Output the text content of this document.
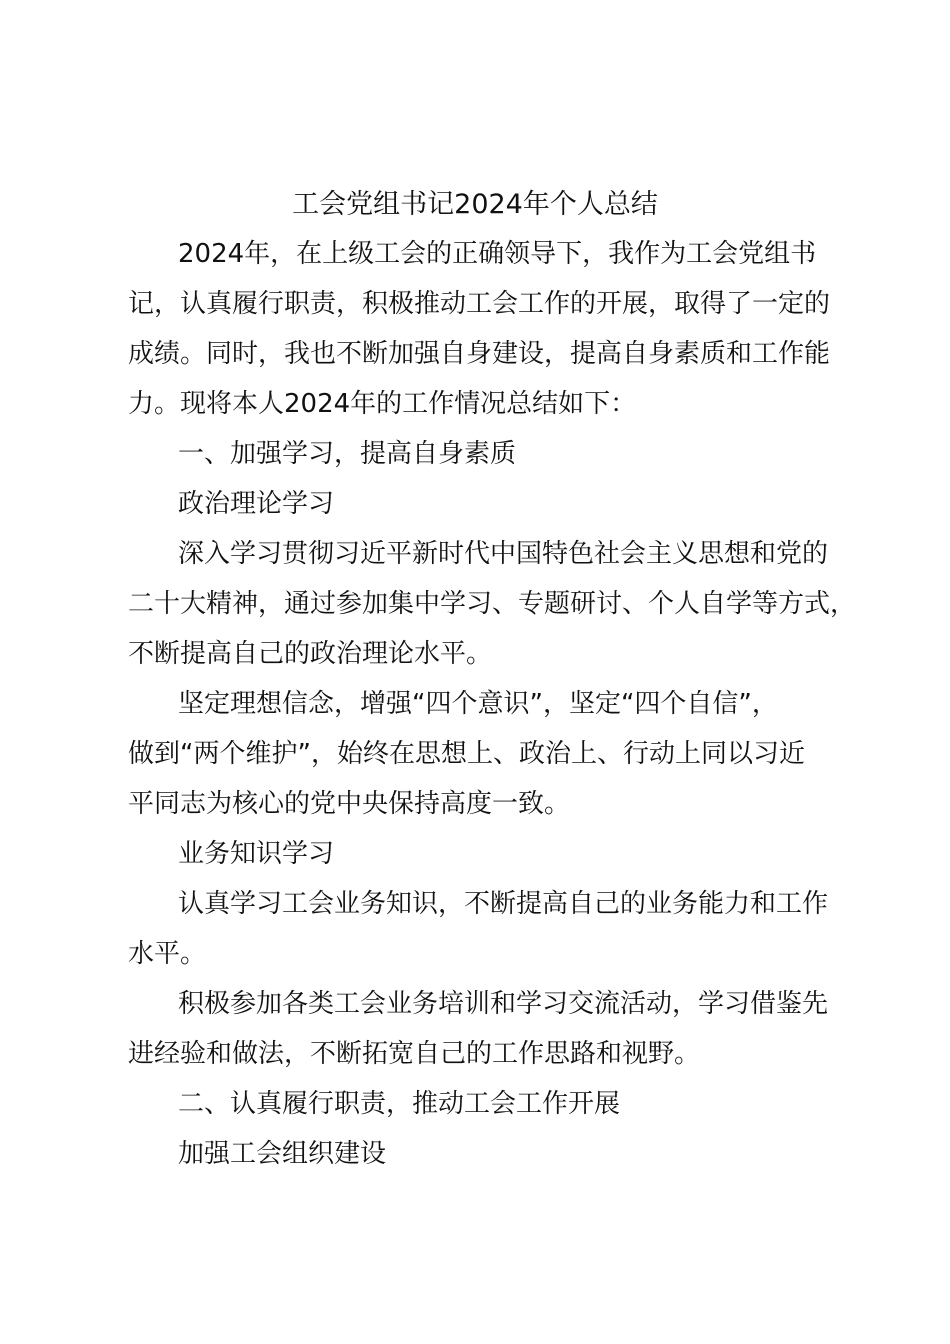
工会党组书记2024年个人总结
2024年，在上级工会的正确领导下，我作为工会党组书
记，认真履行职责，积极推动工会工作的开展，取得了一定的
成绩。同时，我也不断加强自身建设，提高自身素质和工作能
力。现将本人2024年的工作情况总结如下：
一、加强学习，提高自身素质
政治理论学习
深入学习贯彻习近平新时代中国特色社会主义思想和党的
二十大精神，通过参加集中学习、专题研讨、个人自学等方式，
不断提高自己的政治理论水平。
坚定理想信念，增强“四个意识”，坚定“四个自信”，
做到“两个维护”，始终在思想上、政治上、行动上同以习近
平同志为核心的党中央保持高度一致。
业务知识学习
认真学习工会业务知识，不断提高自己的业务能力和工作
水平。
积极参加各类工会业务培训和学习交流活动，学习借鉴先
进经验和做法，不断拓宽自己的工作思路和视野。
二、认真履行职责，推动工会工作开展
加强工会组织建设
